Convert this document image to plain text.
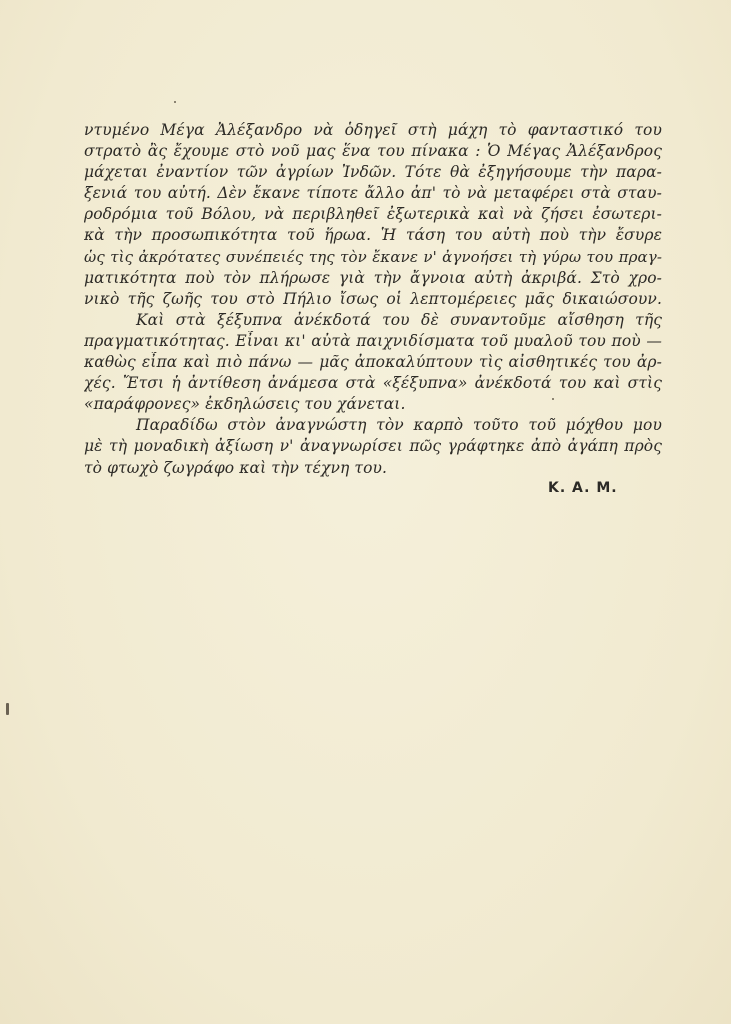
ντυμένο Μέγα Ἀλέξανδρο νὰ ὁδηγεῖ στὴ μάχη τὸ φανταστικό του
στρατὸ ἂς ἔχουμε στὸ νοῦ μας ἕνα του πίνακα : Ὁ Μέγας Ἀλέξανδρος
μάχεται ἐναντίον τῶν ἀγρίων Ἰνδῶν. Τότε θὰ ἐξηγήσουμε τὴν παρα-
ξενιά του αὐτή. Δὲν ἔκανε τίποτε ἄλλο ἀπ' τὸ νὰ μεταφέρει στὰ σταυ-
ροδρόμια τοῦ Βόλου, νὰ περιβληθεῖ ἐξωτερικὰ καὶ νὰ ζήσει ἐσωτερι-
κὰ τὴν προσωπικότητα τοῦ ἥρωα. Ἡ τάση του αὐτὴ ποὺ τὴν ἔσυρε
ὡς τὶς ἀκρότατες συνέπειές της τὸν ἔκανε ν' ἀγνοήσει τὴ γύρω του πραγ-
ματικότητα ποὺ τὸν πλήρωσε γιὰ τὴν ἄγνοια αὐτὴ ἀκριβά. Στὸ χρο-
νικὸ τῆς ζωῆς του στὸ Πήλιο ἴσως οἱ λεπτομέρειες μᾶς δικαιώσουν.
Καὶ στὰ ξέξυπνα ἀνέκδοτά του δὲ συναντοῦμε αἴσθηση τῆς
πραγματικότητας. Εἶναι κι' αὐτὰ παιχνιδίσματα τοῦ μυαλοῦ του ποὺ —
καθὼς εἶπα καὶ πιὸ πάνω — μᾶς ἀποκαλύπτουν τὶς αἰσθητικές του ἀρ-
χές. Ἔτσι ἡ ἀντίθεση ἀνάμεσα στὰ «ξέξυπνα» ἀνέκδοτά του καὶ στὶς
«παράφρονες» ἐκδηλώσεις του χάνεται.
Παραδίδω στὸν ἀναγνώστη τὸν καρπὸ τοῦτο τοῦ μόχθου μου
μὲ τὴ μοναδικὴ ἀξίωση ν' ἀναγνωρίσει πῶς γράφτηκε ἀπὸ ἀγάπη πρὸς
τὸ φτωχὸ ζωγράφο καὶ τὴν τέχνη του.
K. A. M.
